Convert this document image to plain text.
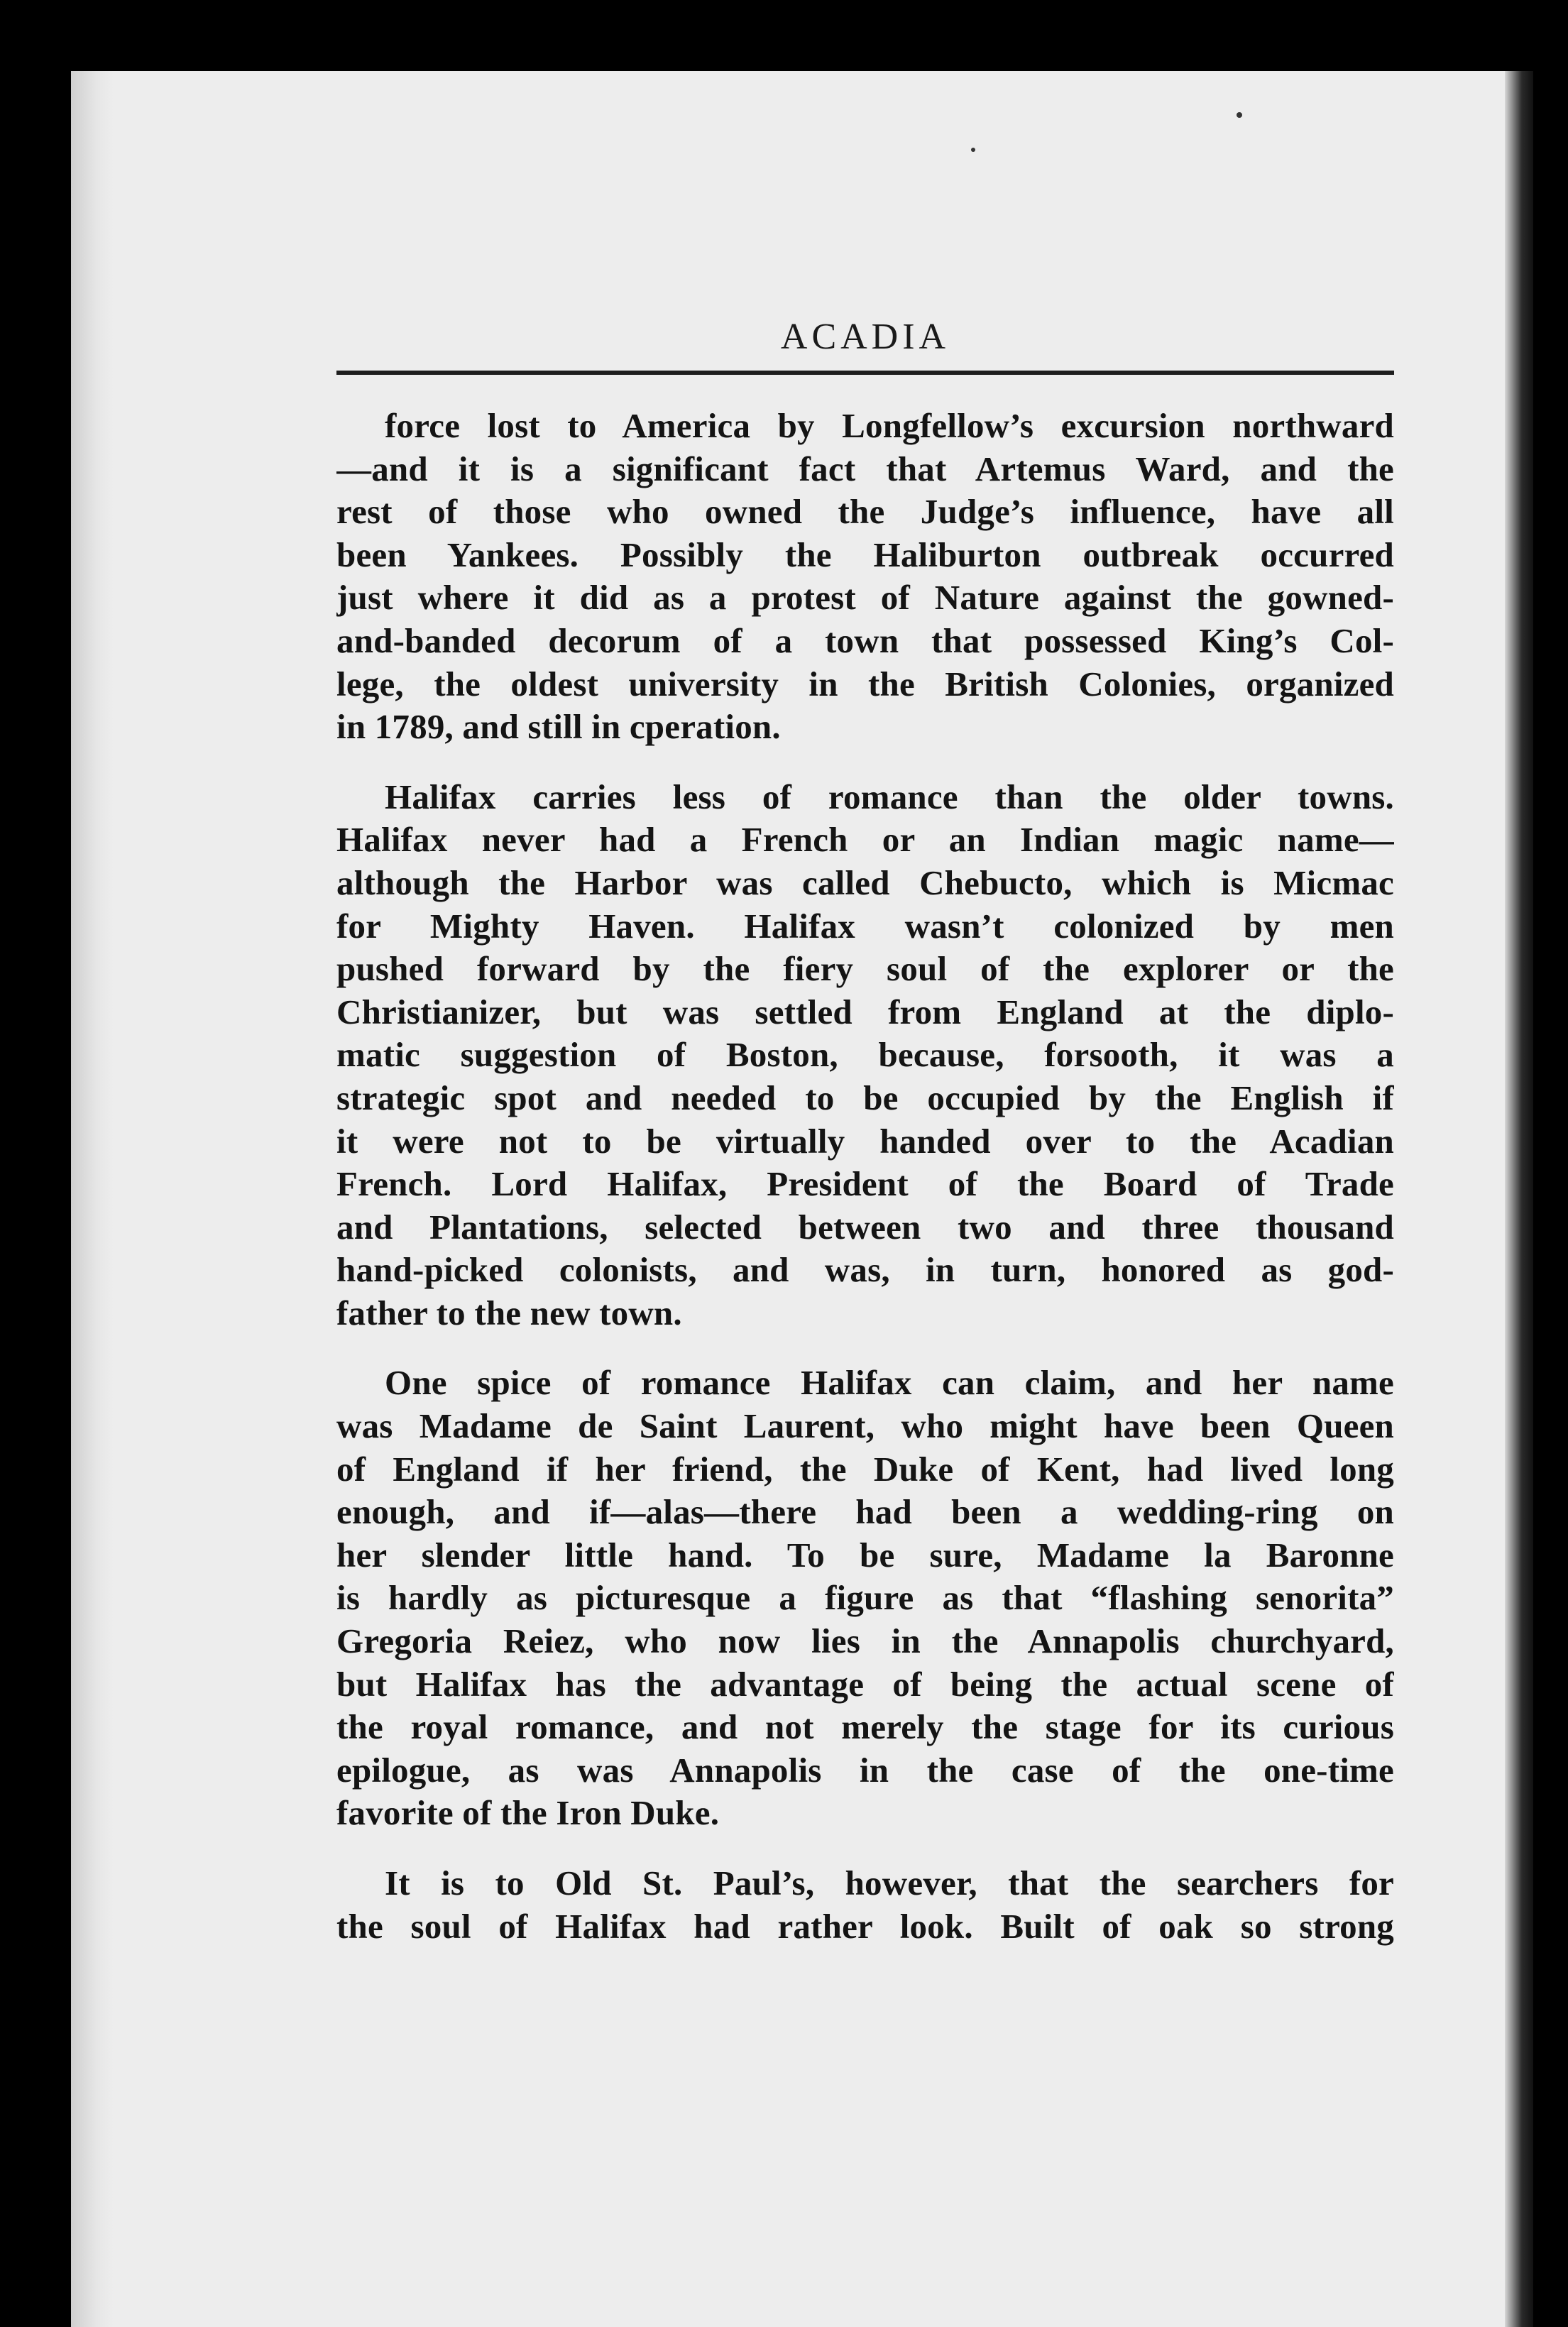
ACADIA
force lost to America by Longfellow’s excursion northward
—and it is a significant fact that Artemus Ward, and the
rest of those who owned the Judge’s influence, have all
been Yankees. Possibly the Haliburton outbreak occurred
just where it did as a protest of Nature against the gowned-
and-banded decorum of a town that possessed King’s Col-
lege, the oldest university in the British Colonies, organized
in 1789, and still in cperation.
Halifax carries less of romance than the older towns.
Halifax never had a French or an Indian magic name—
although the Harbor was called Chebucto, which is Micmac
for Mighty Haven. Halifax wasn’t colonized by men
pushed forward by the fiery soul of the explorer or the
Christianizer, but was settled from England at the diplo-
matic suggestion of Boston, because, forsooth, it was a
strategic spot and needed to be occupied by the English if
it were not to be virtually handed over to the Acadian
French. Lord Halifax, President of the Board of Trade
and Plantations, selected between two and three thousand
hand-picked colonists, and was, in turn, honored as god-
father to the new town.
One spice of romance Halifax can claim, and her name
was Madame de Saint Laurent, who might have been Queen
of England if her friend, the Duke of Kent, had lived long
enough, and if—alas—there had been a wedding-ring on
her slender little hand. To be sure, Madame la Baronne
is hardly as picturesque a figure as that “flashing senorita”
Gregoria Reiez, who now lies in the Annapolis churchyard,
but Halifax has the advantage of being the actual scene of
the royal romance, and not merely the stage for its curious
epilogue, as was Annapolis in the case of the one-time
favorite of the Iron Duke.
It is to Old St. Paul’s, however, that the searchers for
the soul of Halifax had rather look. Built of oak so strong
